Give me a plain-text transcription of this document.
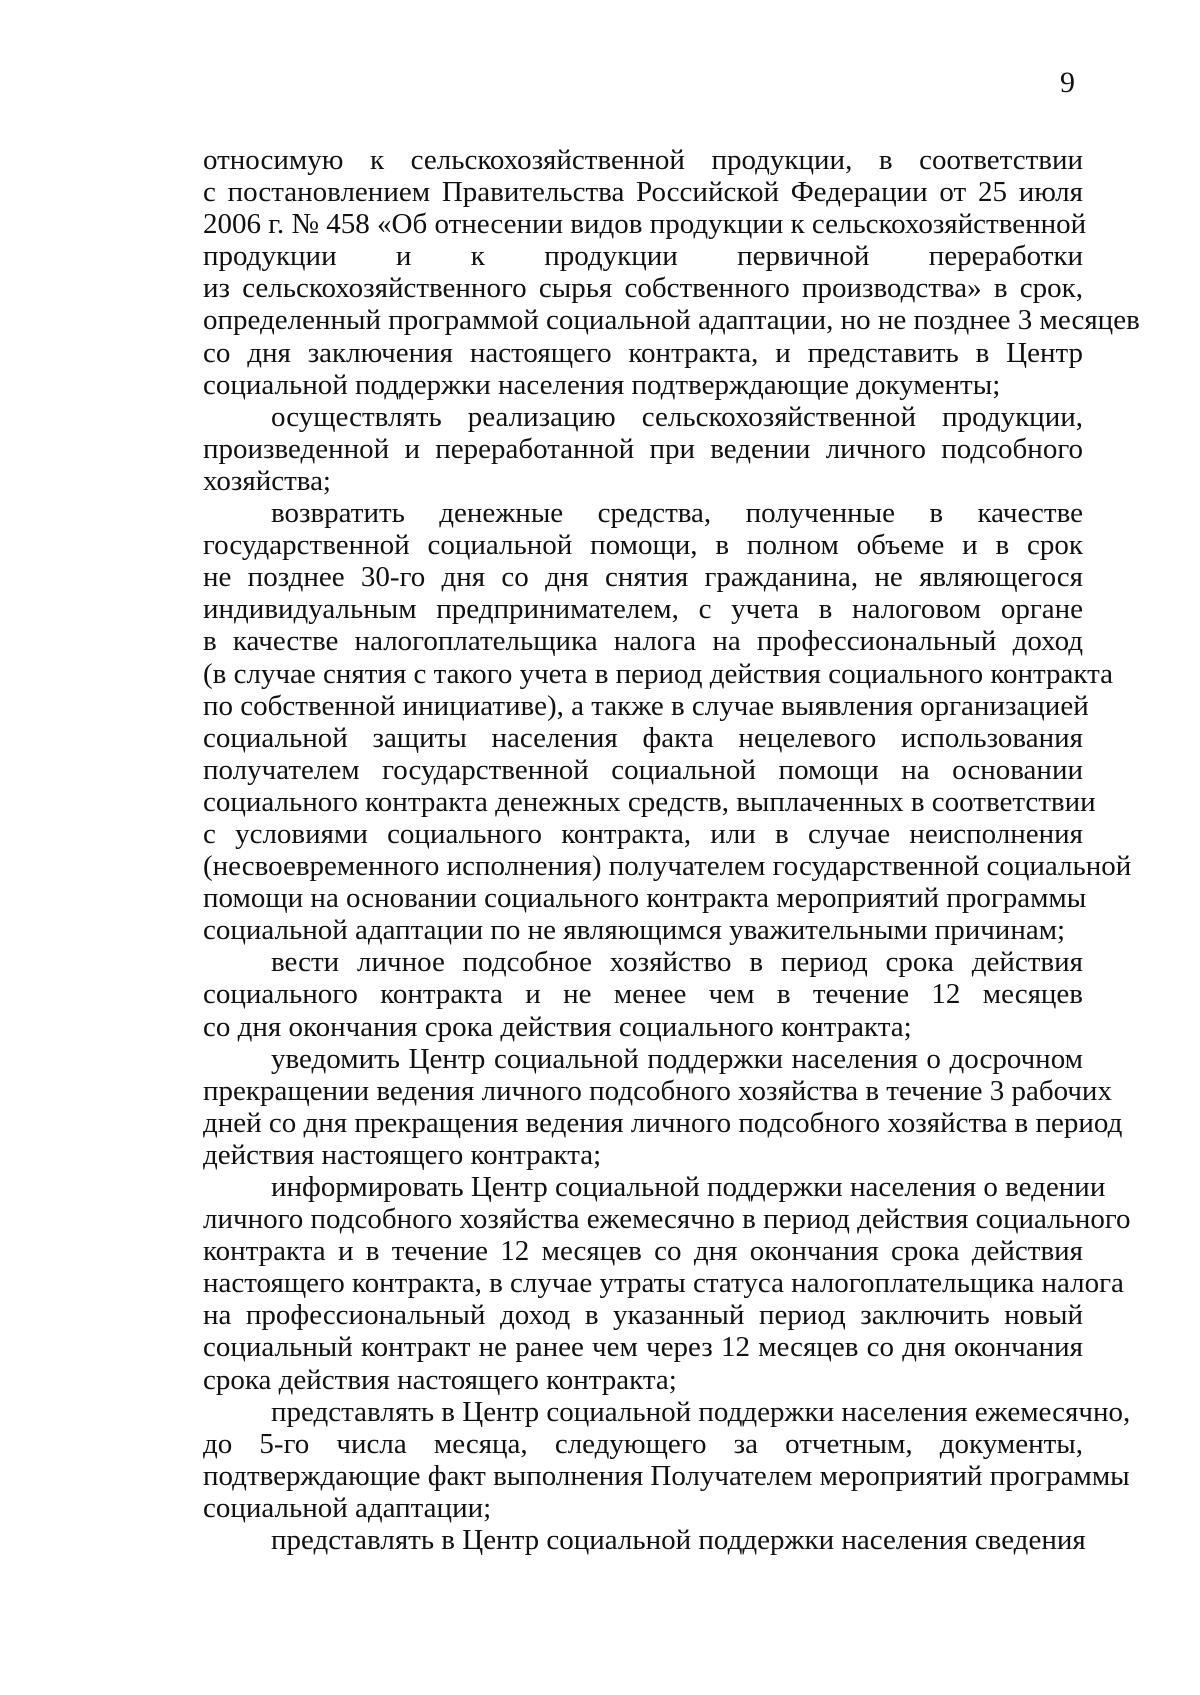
9
относимую к сельскохозяйственной продукции, в соответствии
с постановлением Правительства Российской Федерации от 25 июля
2006 г. № 458 «Об отнесении видов продукции к сельскохозяйственной
продукции и к продукции первичной переработки
из сельскохозяйственного сырья собственного производства» в срок,
определенный программой социальной адаптации, но не позднее 3 месяцев
со дня заключения настоящего контракта, и представить в Центр
социальной поддержки населения подтверждающие документы;
осуществлять реализацию сельскохозяйственной продукции,
произведенной и переработанной при ведении личного подсобного
хозяйства;
возвратить денежные средства, полученные в качестве
государственной социальной помощи, в полном объеме и в срок
не позднее 30-го дня со дня снятия гражданина, не являющегося
индивидуальным предпринимателем, с учета в налоговом органе
в качестве налогоплательщика налога на профессиональный доход
(в случае снятия с такого учета в период действия социального контракта
по собственной инициативе), а также в случае выявления организацией
социальной защиты населения факта нецелевого использования
получателем государственной социальной помощи на основании
социального контракта денежных средств, выплаченных в соответствии
с условиями социального контракта, или в случае неисполнения
(несвоевременного исполнения) получателем государственной социальной
помощи на основании социального контракта мероприятий программы
социальной адаптации по не являющимся уважительными причинам;
вести личное подсобное хозяйство в период срока действия
социального контракта и не менее чем в течение 12 месяцев
со дня окончания срока действия социального контракта;
уведомить Центр социальной поддержки населения о досрочном
прекращении ведения личного подсобного хозяйства в течение 3 рабочих
дней со дня прекращения ведения личного подсобного хозяйства в период
действия настоящего контракта;
информировать Центр социальной поддержки населения о ведении
личного подсобного хозяйства ежемесячно в период действия социального
контракта и в течение 12 месяцев со дня окончания срока действия
настоящего контракта, в случае утраты статуса налогоплательщика налога
на профессиональный доход в указанный период заключить новый
социальный контракт не ранее чем через 12 месяцев со дня окончания
срока действия настоящего контракта;
представлять в Центр социальной поддержки населения ежемесячно,
до 5-го числа месяца, следующего за отчетным, документы,
подтверждающие факт выполнения Получателем мероприятий программы
социальной адаптации;
представлять в Центр социальной поддержки населения сведения
